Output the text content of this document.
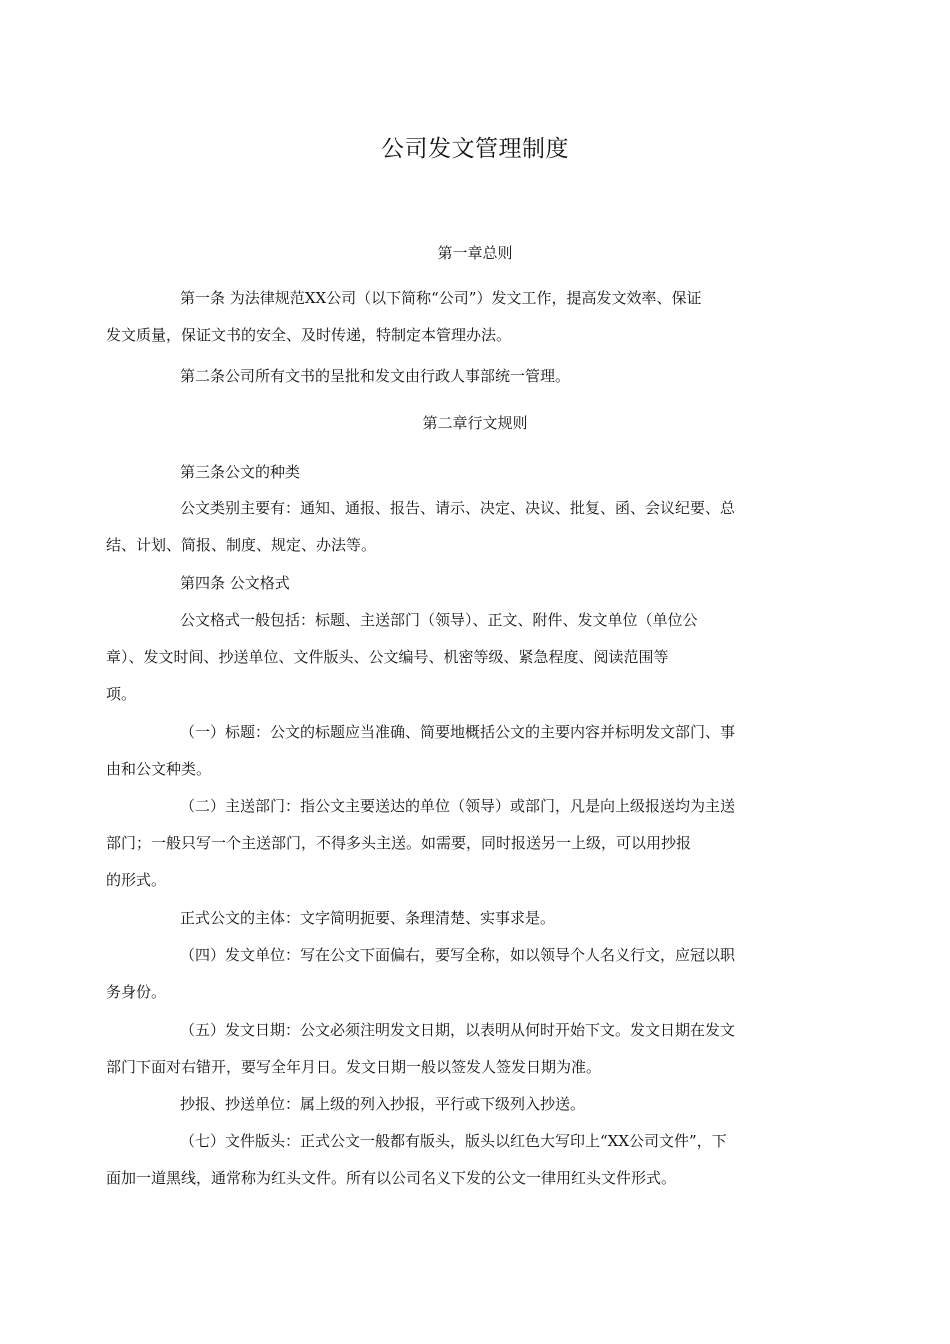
公司发文管理制度
第一章总则
第一条 为法律规范XX公司（以下简称“公司”）发文工作，提高发文效率、保证
发文质量，保证文书的安全、及时传递，特制定本管理办法。
第二条公司所有文书的呈批和发文由行政人事部统一管理。
第二章行文规则
第三条公文的种类
公文类别主要有：通知、通报、报告、请示、决定、决议、批复、函、会议纪要、总
结、计划、简报、制度、规定、办法等。
第四条 公文格式
公文格式一般包括：标题、主送部门（领导）、正文、附件、发文单位（单位公
章）、发文时间、抄送单位、文件版头、公文编号、机密等级、紧急程度、阅读范围等
项。
（一）标题：公文的标题应当准确、简要地概括公文的主要内容并标明发文部门、事
由和公文种类。
（二）主送部门：指公文主要送达的单位（领导）或部门，凡是向上级报送均为主送
部门；一般只写一个主送部门，不得多头主送。如需要，同时报送另一上级，可以用抄报
的形式。
正式公文的主体：文字简明扼要、条理清楚、实事求是。
（四）发文单位：写在公文下面偏右，要写全称，如以领导个人名义行文，应冠以职
务身份。
（五）发文日期：公文必须注明发文日期，以表明从何时开始下文。发文日期在发文
部门下面对右错开，要写全年月日。发文日期一般以签发人签发日期为准。
抄报、抄送单位：属上级的列入抄报，平行或下级列入抄送。
（七）文件版头：正式公文一般都有版头，版头以红色大写印上“XX公司文件”，下
面加一道黑线，通常称为红头文件。所有以公司名义下发的公文一律用红头文件形式。
